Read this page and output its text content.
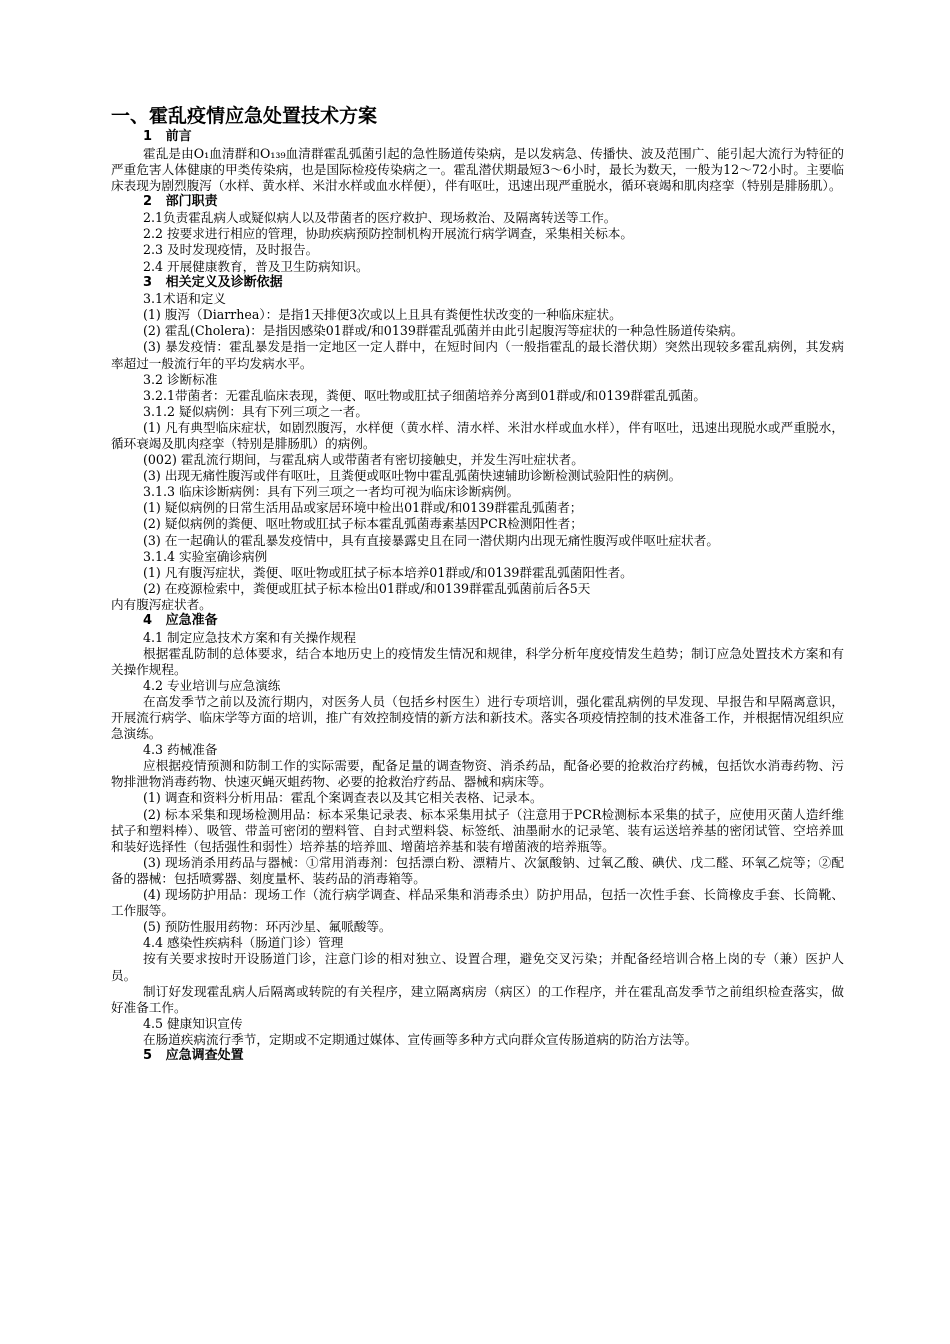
一、霍乱疫情应急处置技术方案
1   前言
霍乱是由O₁血清群和O₁₃₉血清群霍乱弧菌引起的急性肠道传染病，是以发病急、传播快、波及范围广、能引起大流行为特征的严重危害人体健康的甲类传染病，也是国际检疫传染病之一。霍乱潜伏期最短3～6小时，最长为数天，一般为12～72小时。主要临床表现为剧烈腹泻（水样、黄水样、米泔水样或血水样便），伴有呕吐，迅速出现严重脱水，循环衰竭和肌肉痉挛（特别是腓肠肌）。
2   部门职责
2.1负责霍乱病人或疑似病人以及带菌者的医疗救护、现场救治、及隔离转送等工作。
2.2 按要求进行相应的管理，协助疾病预防控制机构开展流行病学调查，采集相关标本。
2.3 及时发现疫情，及时报告。
2.4 开展健康教育，普及卫生防病知识。
3   相关定义及诊断依据
3.1术语和定义
(1) 腹泻（Diarrhea）：是指1天排便3次或以上且具有粪便性状改变的一种临床症状。
(2) 霍乱(Cholera)：是指因感染01群或/和0139群霍乱弧菌并由此引起腹泻等症状的一种急性肠道传染病。
(3) 暴发疫情：霍乱暴发是指一定地区一定人群中，在短时间内（一般指霍乱的最长潜伏期）突然出现较多霍乱病例，其发病率超过一般流行年的平均发病水平。
3.2 诊断标准
3.2.1带菌者：无霍乱临床表现，粪便、呕吐物或肛拭子细菌培养分离到01群或/和0139群霍乱弧菌。
3.1.2 疑似病例：具有下列三项之一者。
(1) 凡有典型临床症状，如剧烈腹泻，水样便（黄水样、清水样、米泔水样或血水样），伴有呕吐，迅速出现脱水或严重脱水，循环衰竭及肌肉痉挛（特别是腓肠肌）的病例。
(002) 霍乱流行期间，与霍乱病人或带菌者有密切接触史，并发生泻吐症状者。
(3) 出现无痛性腹泻或伴有呕吐，且粪便或呕吐物中霍乱弧菌快速辅助诊断检测试验阳性的病例。
3.1.3 临床诊断病例：具有下列三项之一者均可视为临床诊断病例。
(1) 疑似病例的日常生活用品或家居环境中检出01群或/和0139群霍乱弧菌者；
(2) 疑似病例的粪便、呕吐物或肛拭子标本霍乱弧菌毒素基因PCR检测阳性者；
(3) 在一起确认的霍乱暴发疫情中，具有直接暴露史且在同一潜伏期内出现无痛性腹泻或伴呕吐症状者。
3.1.4 实验室确诊病例
(1) 凡有腹泻症状，粪便、呕吐物或肛拭子标本培养01群或/和0139群霍乱弧菌阳性者。
(2) 在疫源检索中，粪便或肛拭子标本检出01群或/和0139群霍乱弧菌前后各5天
内有腹泻症状者。
4   应急准备
4.1 制定应急技术方案和有关操作规程
根据霍乱防制的总体要求，结合本地历史上的疫情发生情况和规律，科学分析年度疫情发生趋势；制订应急处置技术方案和有关操作规程。
4.2 专业培训与应急演练
在高发季节之前以及流行期内，对医务人员（包括乡村医生）进行专项培训，强化霍乱病例的早发现、早报告和早隔离意识，开展流行病学、临床学等方面的培训，推广有效控制疫情的新方法和新技术。落实各项疫情控制的技术准备工作，并根据情况组织应急演练。
4.3 药械准备
应根据疫情预测和防制工作的实际需要，配备足量的调查物资、消杀药品，配备必要的抢救治疗药械，包括饮水消毒药物、污物排泄物消毒药物、快速灭蝇灭蛆药物、必要的抢救治疗药品、器械和病床等。
(1) 调查和资料分析用品：霍乱个案调查表以及其它相关表格、记录本。
(2) 标本采集和现场检测用品：标本采集记录表、标本采集用拭子（注意用于PCR检测标本采集的拭子，应使用灭菌人造纤维拭子和塑料棒）、吸管、带盖可密闭的塑料管、自封式塑料袋、标签纸、油墨耐水的记录笔、装有运送培养基的密闭试管、空培养皿和装好选择性（包括强性和弱性）培养基的培养皿、增菌培养基和装有增菌液的培养瓶等。
(3) 现场消杀用药品与器械：①常用消毒剂：包括漂白粉、漂精片、次氯酸钠、过氧乙酸、碘伏、戊二醛、环氧乙烷等；②配备的器械：包括喷雾器、刻度量杯、装药品的消毒箱等。
(4) 现场防护用品：现场工作（流行病学调查、样品采集和消毒杀虫）防护用品，包括一次性手套、长筒橡皮手套、长筒靴、工作服等。
(5) 预防性服用药物：环丙沙星、氟哌酸等。
4.4 感染性疾病科（肠道门诊）管理
按有关要求按时开设肠道门诊，注意门诊的相对独立、设置合理，避免交叉污染；并配备经培训合格上岗的专（兼）医护人员。
制订好发现霍乱病人后隔离或转院的有关程序，建立隔离病房（病区）的工作程序，并在霍乱高发季节之前组织检查落实，做好准备工作。
4.5 健康知识宣传
在肠道疾病流行季节，定期或不定期通过媒体、宣传画等多种方式向群众宣传肠道病的防治方法等。
5   应急调查处置
